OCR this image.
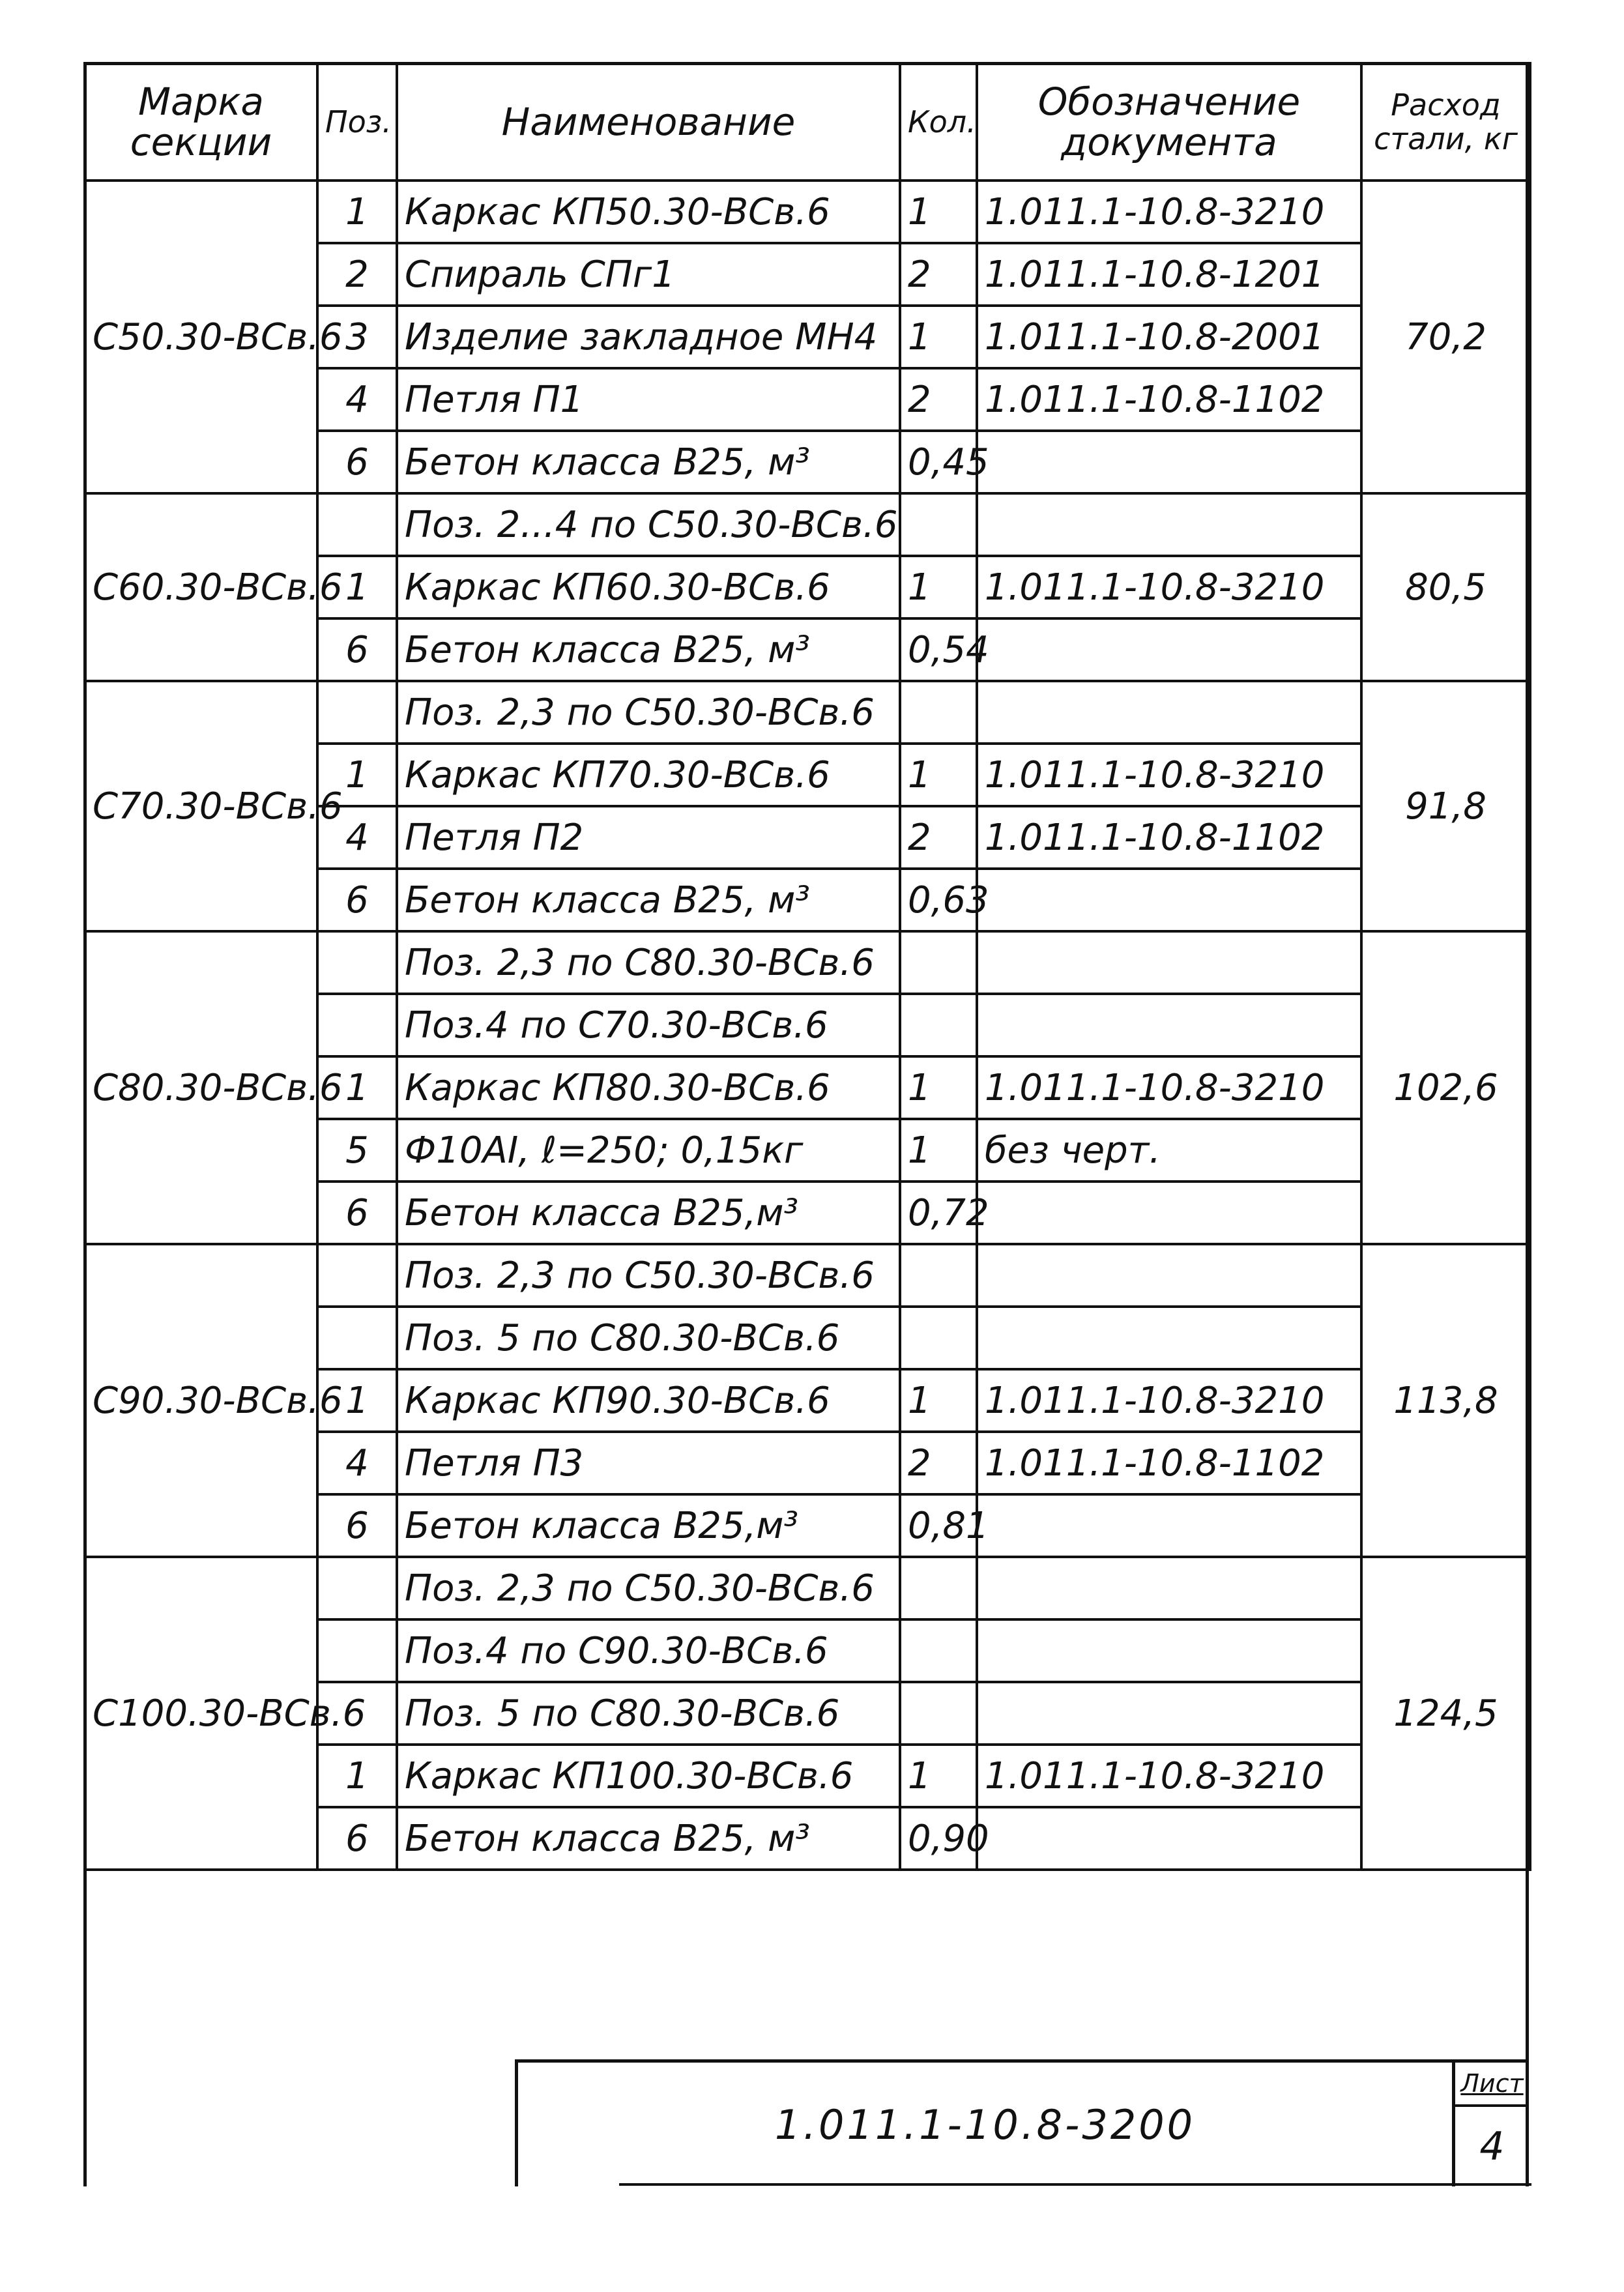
Марка секции	Поз.	Наименование	Кол.	Обозначение документа	Расход стали, кг
С50.30-ВСв.6	1	Каркас КП50.30-ВСв.6	1	1.011.1-10.8-3210	70,2
	2	Спираль СПг1	2	1.011.1-10.8-1201	
	3	Изделие закладное МН4	1	1.011.1-10.8-2001	
	4	Петля П1	2	1.011.1-10.8-1102	
	6	Бетон класса В25, м³	0,45		
С60.30-ВСв.6		Поз. 2...4 по С50.30-ВСв.6			80,5
	1	Каркас КП60.30-ВСв.6	1	1.011.1-10.8-3210	
	6	Бетон класса В25, м³	0,54		
С70.30-ВСв.6		Поз. 2,3 по С50.30-ВСв.6			91,8
	1	Каркас КП70.30-ВСв.6	1	1.011.1-10.8-3210	
	4	Петля П2	2	1.011.1-10.8-1102	
	6	Бетон класса В25, м³	0,63		
С80.30-ВСв.6		Поз. 2,3 по С80.30-ВСв.6			102,6
		Поз.4 по С70.30-ВСв.6			
	1	Каркас КП80.30-ВСв.6	1	1.011.1-10.8-3210	
	5	Ф10АI, ℓ=250; 0,15кг	1	без черт.	
	6	Бетон класса В25,м³	0,72		
С90.30-ВСв.6		Поз. 2,3 по С50.30-ВСв.6			113,8
		Поз. 5 по С80.30-ВСв.6			
	1	Каркас КП90.30-ВСв.6	1	1.011.1-10.8-3210	
	4	Петля П3	2	1.011.1-10.8-1102	
	6	Бетон класса В25,м³	0,81		
С100.30-ВСв.6		Поз. 2,3 по С50.30-ВСв.6			124,5
		Поз.4 по С90.30-ВСв.6			
		Поз. 5 по С80.30-ВСв.6			
	1	Каркас КП100.30-ВСв.6	1	1.011.1-10.8-3210	
	6	Бетон класса В25, м³	0,90		

1.011.1-10.8-3200
Лист
4
